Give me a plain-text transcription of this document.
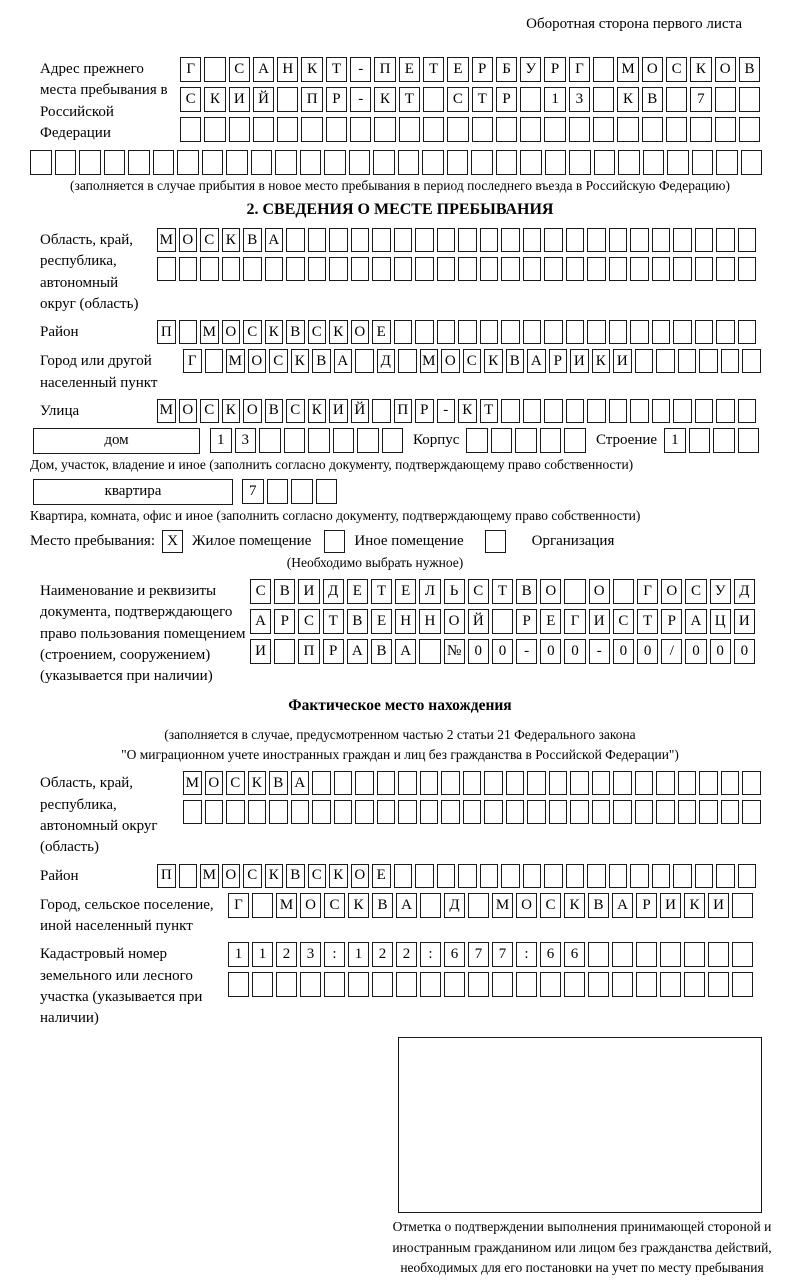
Оборотная сторона первого листа
Адрес прежнего места пребывания в Российской Федерации
Г	С А Н К Т	-	П Е	Т	Е	Р	Б У Р	Г	М О С К О В
С К И Й	П Р	-	К Т	С Т	Р	1	3	К В	7
(заполняется в случае прибытия в новое место пребывания в период последнего въезда в Российскую Федерацию)
2. СВЕДЕНИЯ О МЕСТЕ ПРЕБЫВАНИЯ
Область, край, республика, автономный округ (область)
М О С К В А
Район	П М О С К В С К О Е
Город или другой населенный пункт
Г	М О С К В А Д М О С К В А Р И К И
Улица	М О С К О В С К И Й П Р - К Т
дом	1	3	Корпус	Строение 1
Дом, участок, владение и иное (заполнить согласно документу, подтверждающему право собственности)
квартира	7
Квартира, комната, офис и иное (заполнить согласно документу, подтверждающему право собственности)
Место пребывания: X Жилое помещение	Иное помещение	Организация
(Необходимо выбрать нужное)
Наименование и реквизиты документа, подтверждающего право пользования помещением (строением, сооружением) (указывается при наличии)
С В И Д Е	Т	Е Л Ь С Т В О	О	Г О С У Д
А Р	С Т В Е Н Н О Й	Р	Е	Г И С Т	Р А Ц И
И	П Р А В А	№ 0	0	-	0	0	-	0	0	/	0	0	0
Фактическое место нахождения
(заполняется в случае, предусмотренном частью 2 статьи 21 Федерального закона
"О миграционном учете иностранных граждан и лиц без гражданства в Российской Федерации")
Область, край, республика, автономный округ (область)
М О С К В А
Район	П М О С К В С К О Е
Город, сельское поселение, иной населенный пункт
Г	М О С К В А	Д	М О С К В А Р И К И
Кадастровый номер земельного или лесного участка (указывается при наличии)
1	1	2	3	:	1	2	2	:	6	7	7	:	6	6
Отметка о подтверждении выполнения принимающей стороной и иностранным гражданином или лицом без гражданства действий, необходимых для его постановки на учет по месту пребывания
